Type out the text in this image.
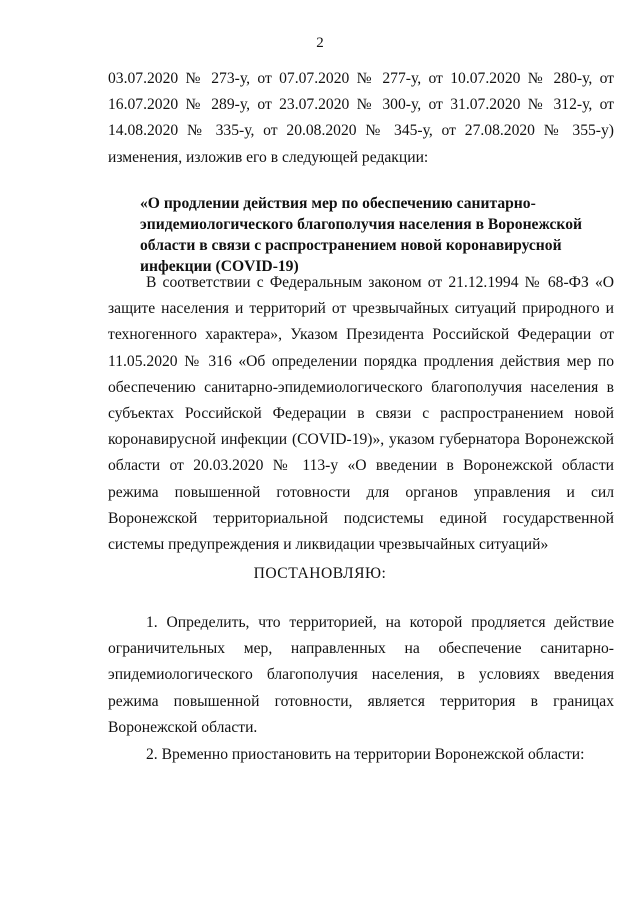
2
03.07.2020 № 273-у, от 07.07.2020 № 277-у, от 10.07.2020 № 280-у, от 16.07.2020 № 289-у, от 23.07.2020 № 300-у, от 31.07.2020 № 312-у, от 14.08.2020 № 335-у, от 20.08.2020 № 345-у, от 27.08.2020 № 355-у) изменения, изложив его в следующей редакции:
«О продлении действия мер по обеспечению санитарно-эпидемиологического благополучия населения в Воронежской области в связи с распространением новой коронавирусной инфекции (COVID-19)
В соответствии с Федеральным законом от 21.12.1994 № 68-ФЗ «О защите населения и территорий от чрезвычайных ситуаций природного и техногенного характера», Указом Президента Российской Федерации от 11.05.2020 № 316 «Об определении порядка продления действия мер по обеспечению санитарно-эпидемиологического благополучия населения в субъектах Российской Федерации в связи с распространением новой коронавирусной инфекции (COVID-19)», указом губернатора Воронежской области от 20.03.2020 № 113-у «О введении в Воронежской области режима повышенной готовности для органов управления и сил Воронежской территориальной подсистемы единой государственной системы предупреждения и ликвидации чрезвычайных ситуаций»
ПОСТАНОВЛЯЮ:
1. Определить, что территорией, на которой продляется действие ограничительных мер, направленных на обеспечение санитарно-эпидемиологического благополучия населения, в условиях введения режима повышенной готовности, является территория в границах Воронежской области.
2. Временно приостановить на территории Воронежской области:
